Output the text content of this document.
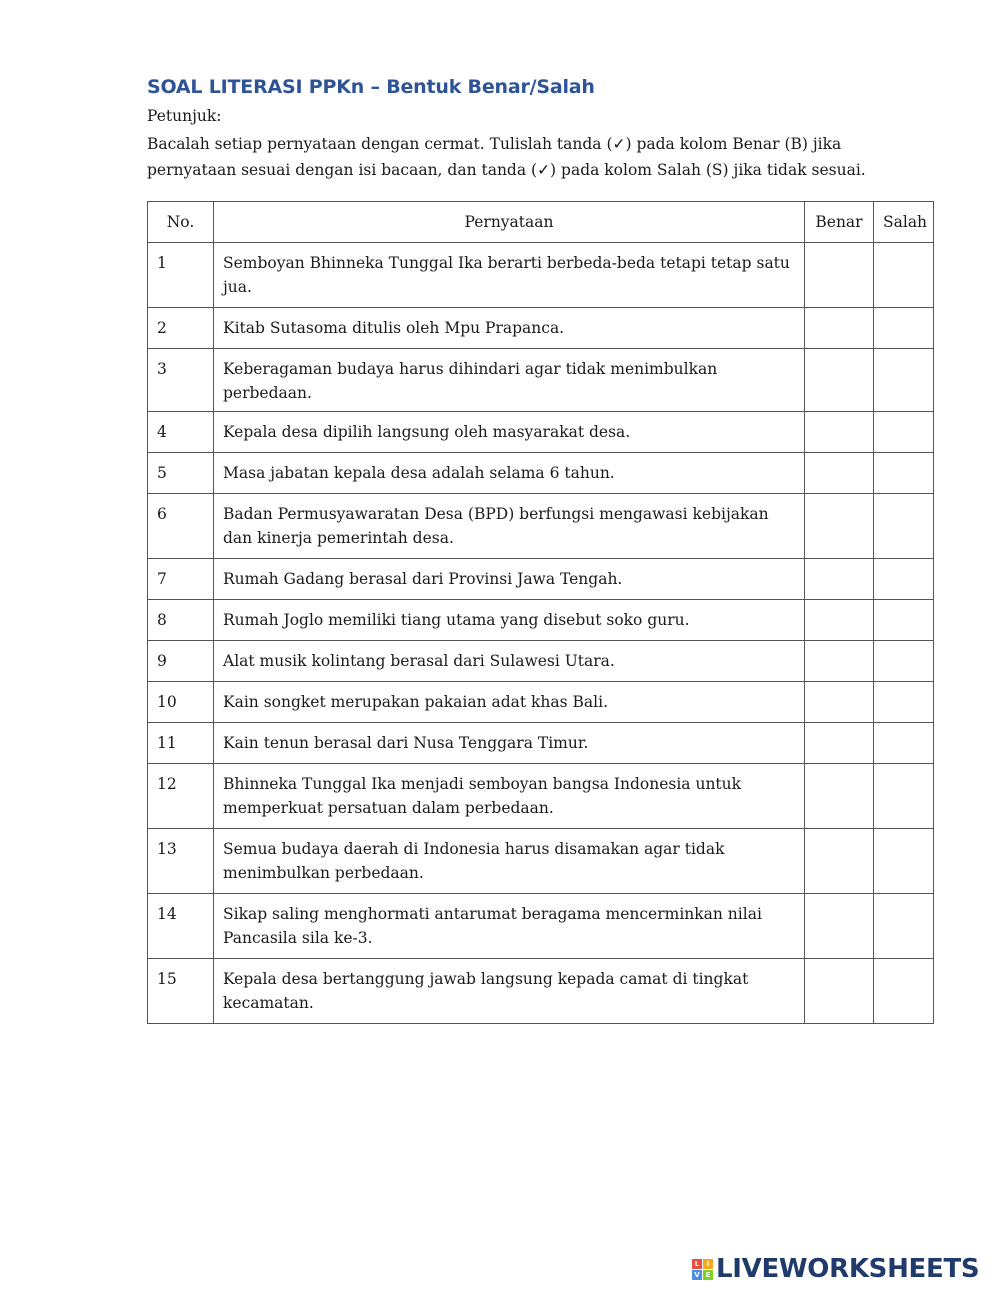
SOAL LITERASI PPKn – Bentuk Benar/Salah
Petunjuk:
Bacalah setiap pernyataan dengan cermat. Tulislah tanda (✓) pada kolom Benar (B) jika pernyataan sesuai dengan isi bacaan, dan tanda (✓) pada kolom Salah (S) jika tidak sesuai.
No.	Pernyataan	Benar	Salah
1	Semboyan Bhinneka Tunggal Ika berarti berbeda-beda tetapi tetap satu jua.		
2	Kitab Sutasoma ditulis oleh Mpu Prapanca.		
3	Keberagaman budaya harus dihindari agar tidak menimbulkan perbedaan.		
4	Kepala desa dipilih langsung oleh masyarakat desa.		
5	Masa jabatan kepala desa adalah selama 6 tahun.		
6	Badan Permusyawaratan Desa (BPD) berfungsi mengawasi kebijakan dan kinerja pemerintah desa.		
7	Rumah Gadang berasal dari Provinsi Jawa Tengah.		
8	Rumah Joglo memiliki tiang utama yang disebut soko guru.		
9	Alat musik kolintang berasal dari Sulawesi Utara.		
10	Kain songket merupakan pakaian adat khas Bali.		
11	Kain tenun berasal dari Nusa Tenggara Timur.		
12	Bhinneka Tunggal Ika menjadi semboyan bangsa Indonesia untuk memperkuat persatuan dalam perbedaan.		
13	Semua budaya daerah di Indonesia harus disamakan agar tidak menimbulkan perbedaan.		
14	Sikap saling menghormati antarumat beragama mencerminkan nilai Pancasila sila ke-3.		
15	Kepala desa bertanggung jawab langsung kepada camat di tingkat kecamatan.		
L	I
V E LIVEWORKSHEETS
